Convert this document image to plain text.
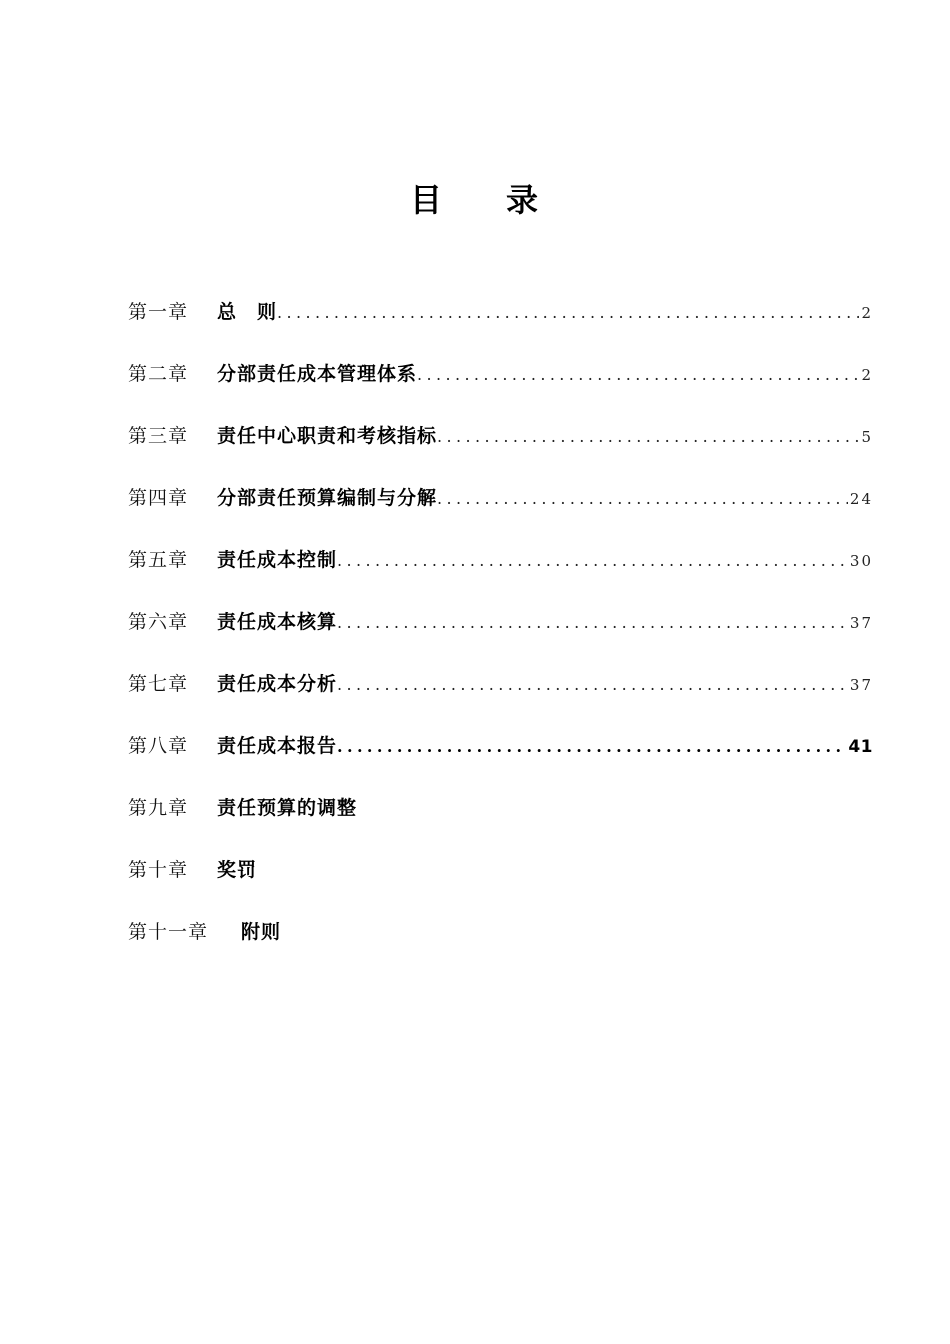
目 录
第一章	总　则 .....	2
第二章	分部责任成本管理体系 .....	2
第三章	责任中心职责和考核指标 .....	5
第四章	分部责任预算编制与分解 .....	24
第五章	责任成本控制 .....	30
第六章	责任成本核算 .....	37
第七章	责任成本分析 .....	37
第八章	责任成本报告 .....	41
第九章	责任预算的调整
第十章	奖罚
第十一章	附则
